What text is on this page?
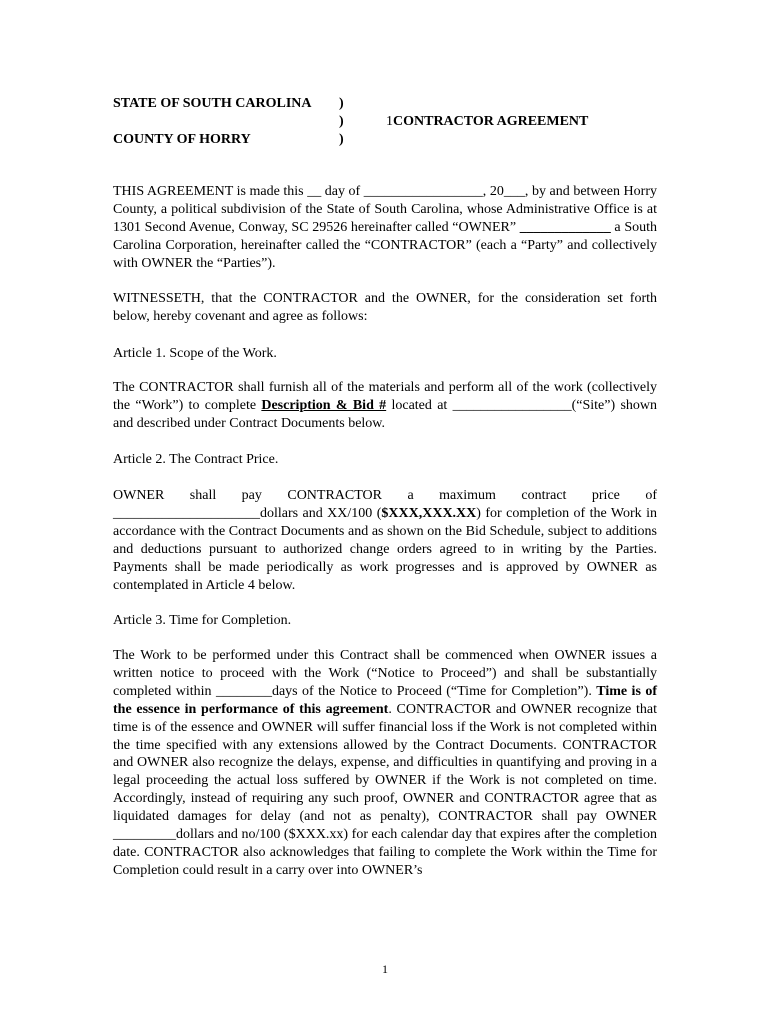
STATE OF SOUTH CAROLINA )
)	1CONTRACTOR AGREEMENT
COUNTY OF HORRY	)

THIS AGREEMENT is made this __ day of _________________, 20___, by and between Horry County, a political subdivision of the State of South Carolina, whose Administrative Office is at 1301 Second Avenue, Conway, SC 29526 hereinafter called “OWNER” _____________ a South Carolina Corporation, hereinafter called the “CONTRACTOR” (each a “Party” and collectively with OWNER the “Parties”).

WITNESSETH, that the CONTRACTOR and the OWNER, for the consideration set forth below, hereby covenant and agree as follows:

Article 1. Scope of the Work.

The CONTRACTOR shall furnish all of the materials and perform all of the work (collectively the “Work”) to complete Description & Bid # located at _________________(“Site”) shown and described under Contract Documents below.

Article 2. The Contract Price.

OWNER shall pay CONTRACTOR a maximum contract price of _____________________dollars and XX/100 ($XXX,XXX.XX) for completion of the Work in accordance with the Contract Documents and as shown on the Bid Schedule, subject to additions and deductions pursuant to authorized change orders agreed to in writing by the Parties. Payments shall be made periodically as work progresses and is approved by OWNER as contemplated in Article 4 below.

Article 3. Time for Completion.

The Work to be performed under this Contract shall be commenced when OWNER issues a written notice to proceed with the Work (“Notice to Proceed”) and shall be substantially completed within ________days of the Notice to Proceed (“Time for Completion”). Time is of the essence in performance of this agreement. CONTRACTOR and OWNER recognize that time is of the essence and OWNER will suffer financial loss if the Work is not completed within the time specified with any extensions allowed by the Contract Documents. CONTRACTOR and OWNER also recognize the delays, expense, and difficulties in quantifying and proving in a legal proceeding the actual loss suffered by OWNER if the Work is not completed on time. Accordingly, instead of requiring any such proof, OWNER and CONTRACTOR agree that as liquidated damages for delay (and not as penalty), CONTRACTOR shall pay OWNER _________dollars and no/100 ($XXX.xx) for each calendar day that expires after the completion date. CONTRACTOR also acknowledges that failing to complete the Work within the Time for Completion could result in a carry over into OWNER’s

1
